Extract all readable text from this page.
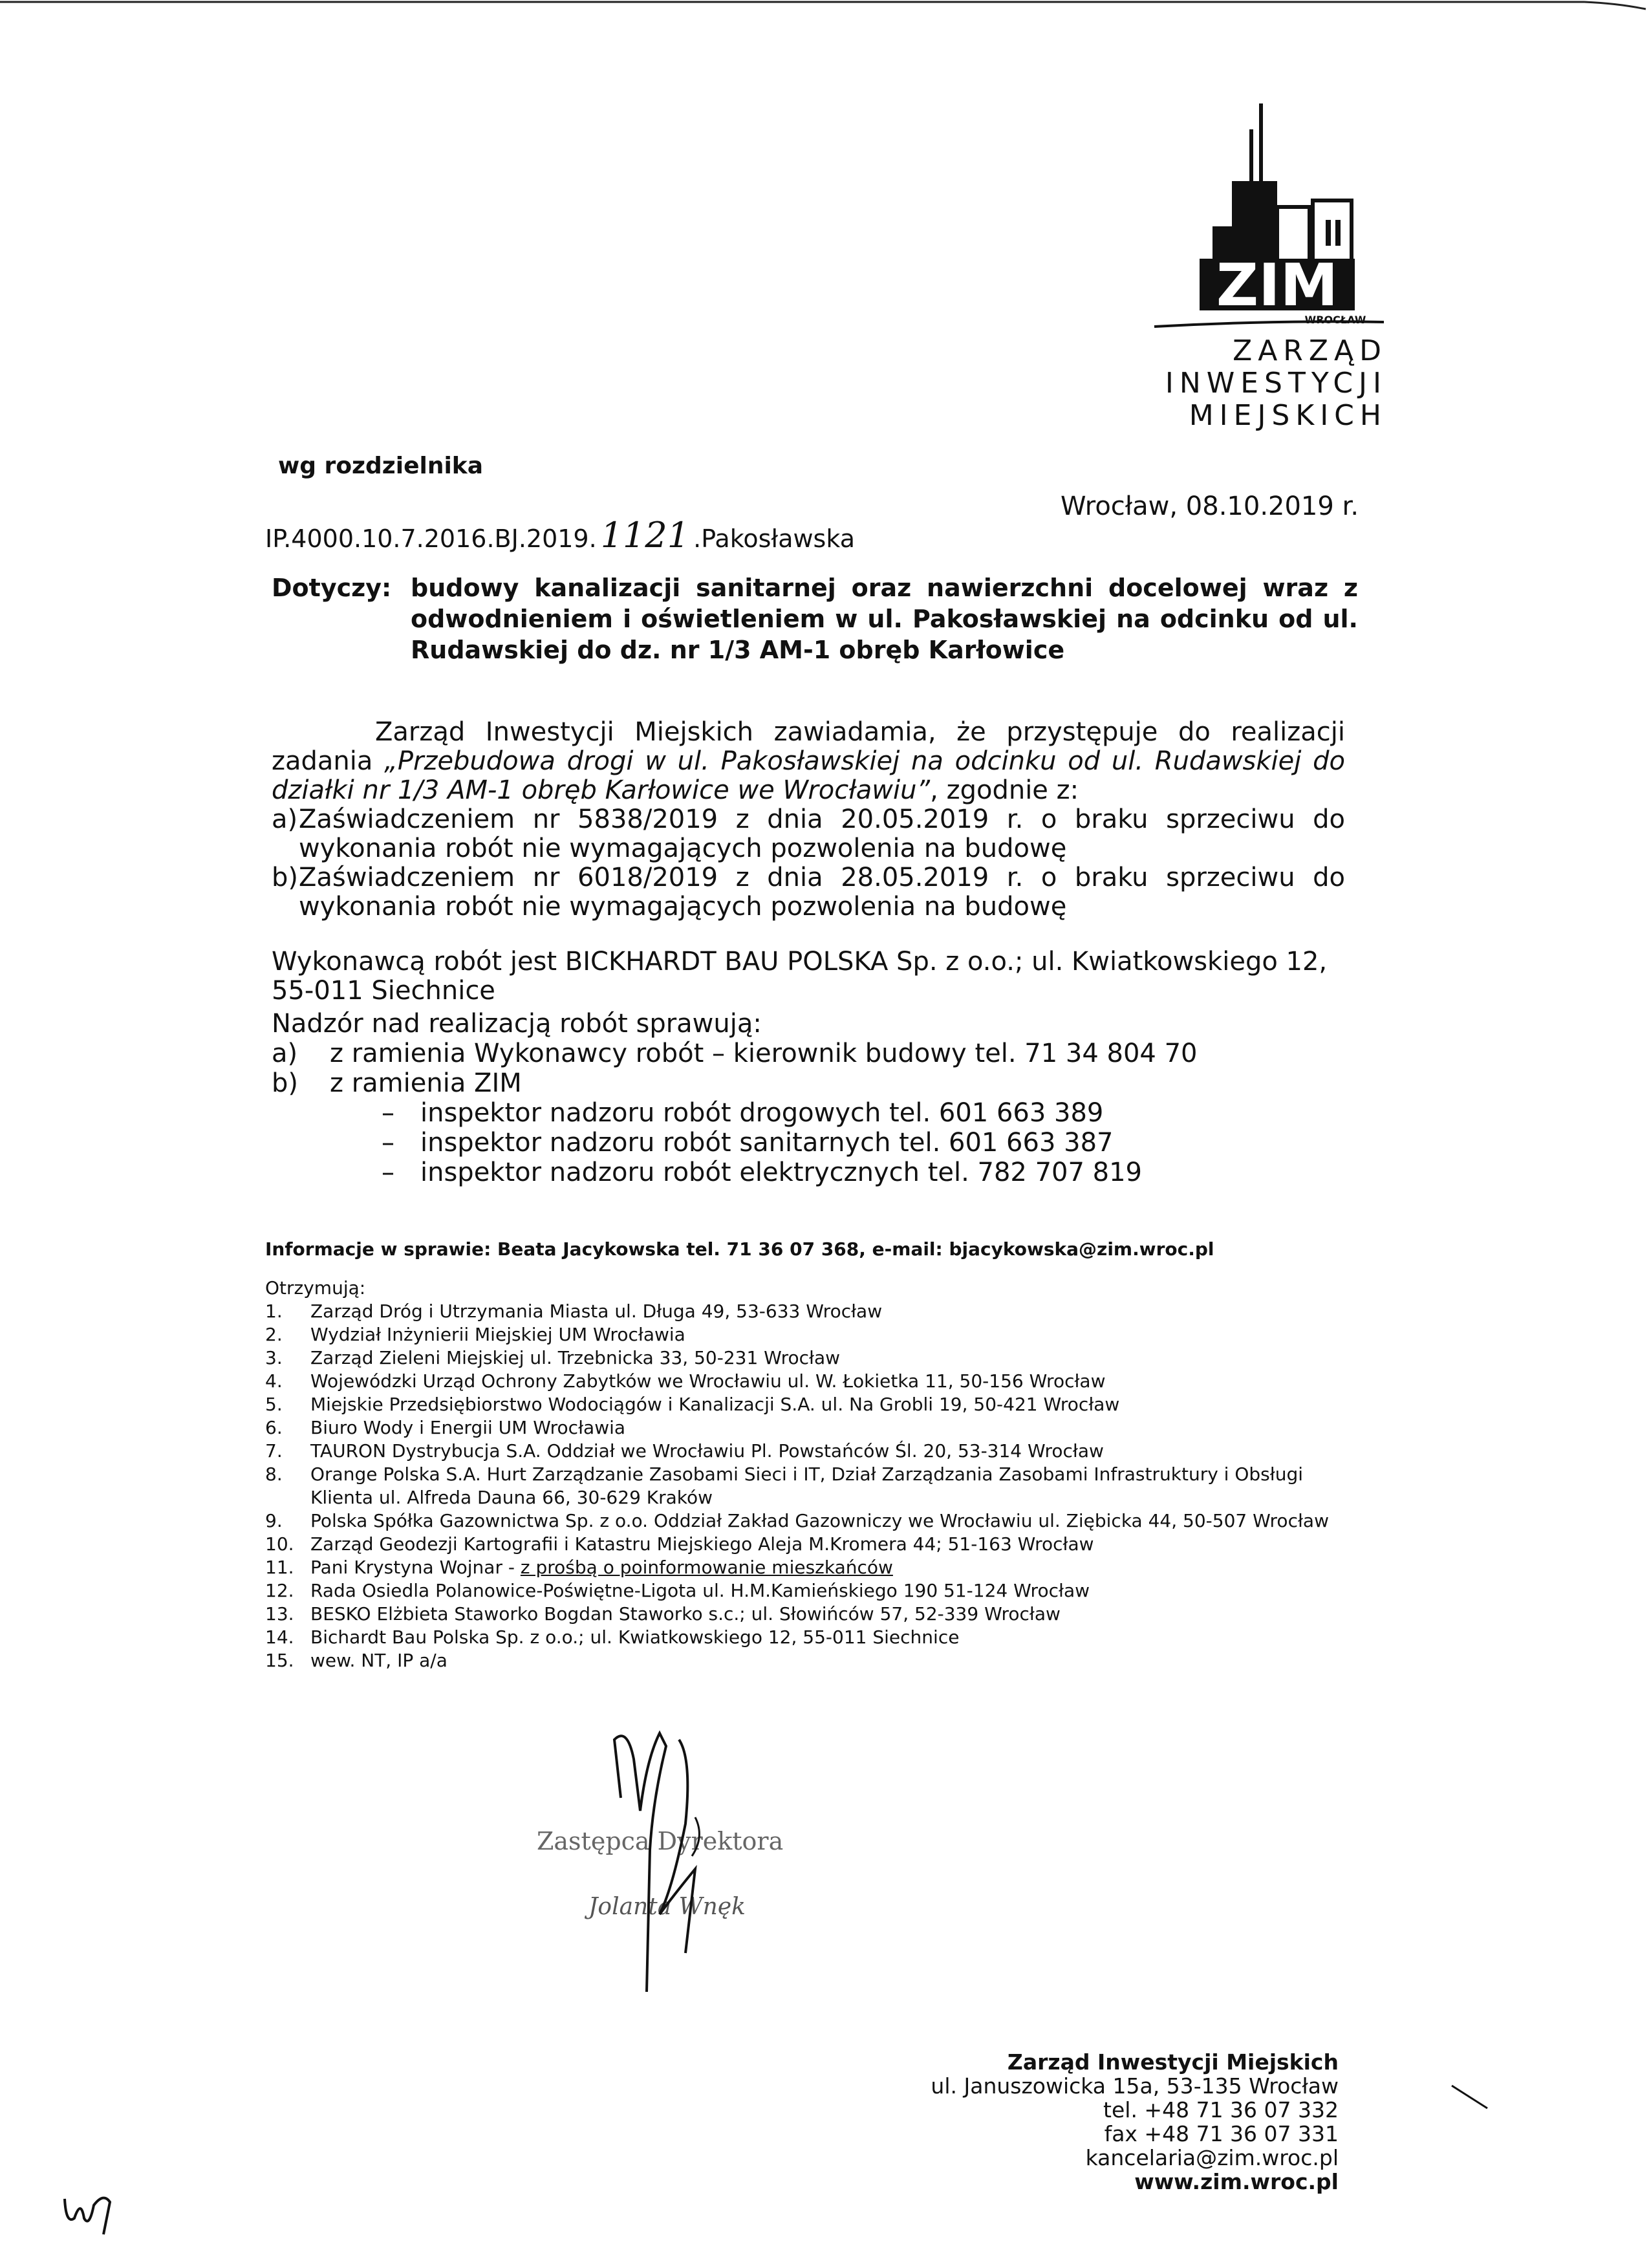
ZIM
WROCŁAW
ZARZĄD
INWESTYCJI
MIEJSKICH
wg rozdzielnika
IP.4000.10.7.2016.BJ.2019. 1121 .Pakosławska
Wrocław, 08.10.2019 r.
Dotyczy: budowy kanalizacji sanitarnej oraz nawierzchni docelowej wraz z odwodnieniem i oświetleniem w ul. Pakosławskiej na odcinku od ul. Rudawskiej do dz. nr 1/3 AM-1 obręb Karłowice

Zarząd Inwestycji Miejskich zawiadamia, że przystępuje do realizacji zadania „Przebudowa drogi w ul. Pakosławskiej na odcinku od ul. Rudawskiej do działki nr 1/3 AM-1 obręb Karłowice we Wrocławiu”, zgodnie z:

a) Zaświadczeniem nr 5838/2019 z dnia 20.05.2019 r. o braku sprzeciwu do wykonania robót nie wymagających pozwolenia na budowę
b) Zaświadczeniem nr 6018/2019 z dnia 28.05.2019 r. o braku sprzeciwu do wykonania robót nie wymagających pozwolenia na budowę

Wykonawcą robót jest BICKHARDT BAU POLSKA Sp. z o.o.; ul. Kwiatkowskiego 12, 55-011 Siechnice

Nadzór nad realizacją robót sprawują:
a) z ramienia Wykonawcy robót – kierownik budowy tel. 71 34 804 70
b) z ramienia ZIM
– inspektor nadzoru robót drogowych tel. 601 663 389
– inspektor nadzoru robót sanitarnych tel. 601 663 387
– inspektor nadzoru robót elektrycznych tel. 782 707 819
Informacje w sprawie: Beata Jacykowska tel. 71 36 07 368, e-mail: bjacykowska@zim.wroc.pl
Otrzymują:
1. Zarząd Dróg i Utrzymania Miasta ul. Długa 49, 53-633 Wrocław
2. Wydział Inżynierii Miejskiej UM Wrocławia
3. Zarząd Zieleni Miejskiej ul. Trzebnicka 33, 50-231 Wrocław
4. Wojewódzki Urząd Ochrony Zabytków we Wrocławiu ul. W. Łokietka 11, 50-156 Wrocław
5. Miejskie Przedsiębiorstwo Wodociągów i Kanalizacji S.A. ul. Na Grobli 19, 50-421 Wrocław
6. Biuro Wody i Energii UM Wrocławia
7. TAURON Dystrybucja S.A. Oddział we Wrocławiu Pl. Powstańców Śl. 20, 53-314 Wrocław
8. Orange Polska S.A. Hurt Zarządzanie Zasobami Sieci i IT, Dział Zarządzania Zasobami Infrastruktury i Obsługi Klienta ul. Alfreda Dauna 66, 30-629 Kraków
9. Polska Spółka Gazownictwa Sp. z o.o. Oddział Zakład Gazowniczy we Wrocławiu ul. Ziębicka 44, 50-507 Wrocław
10. Zarząd Geodezji Kartografii i Katastru Miejskiego Aleja M.Kromera 44; 51-163 Wrocław
11. Pani Krystyna Wojnar - z prośbą o poinformowanie mieszkańców
12. Rada Osiedla Polanowice-Poświętne-Ligota ul. H.M.Kamieńskiego 190 51-124 Wrocław
13. BESKO Elżbieta Staworko Bogdan Staworko s.c.; ul. Słowińców 57, 52-339 Wrocław
14. Bichardt Bau Polska Sp. z o.o.; ul. Kwiatkowskiego 12, 55-011 Siechnice
15. wew. NT, IP a/a
Zastępca Dyrektora
Jolanta Wnęk
Zarząd Inwestycji Miejskich
ul. Januszowicka 15a, 53-135 Wrocław
tel. +48 71 36 07 332
fax +48 71 36 07 331
kancelaria@zim.wroc.pl
www.zim.wroc.pl
